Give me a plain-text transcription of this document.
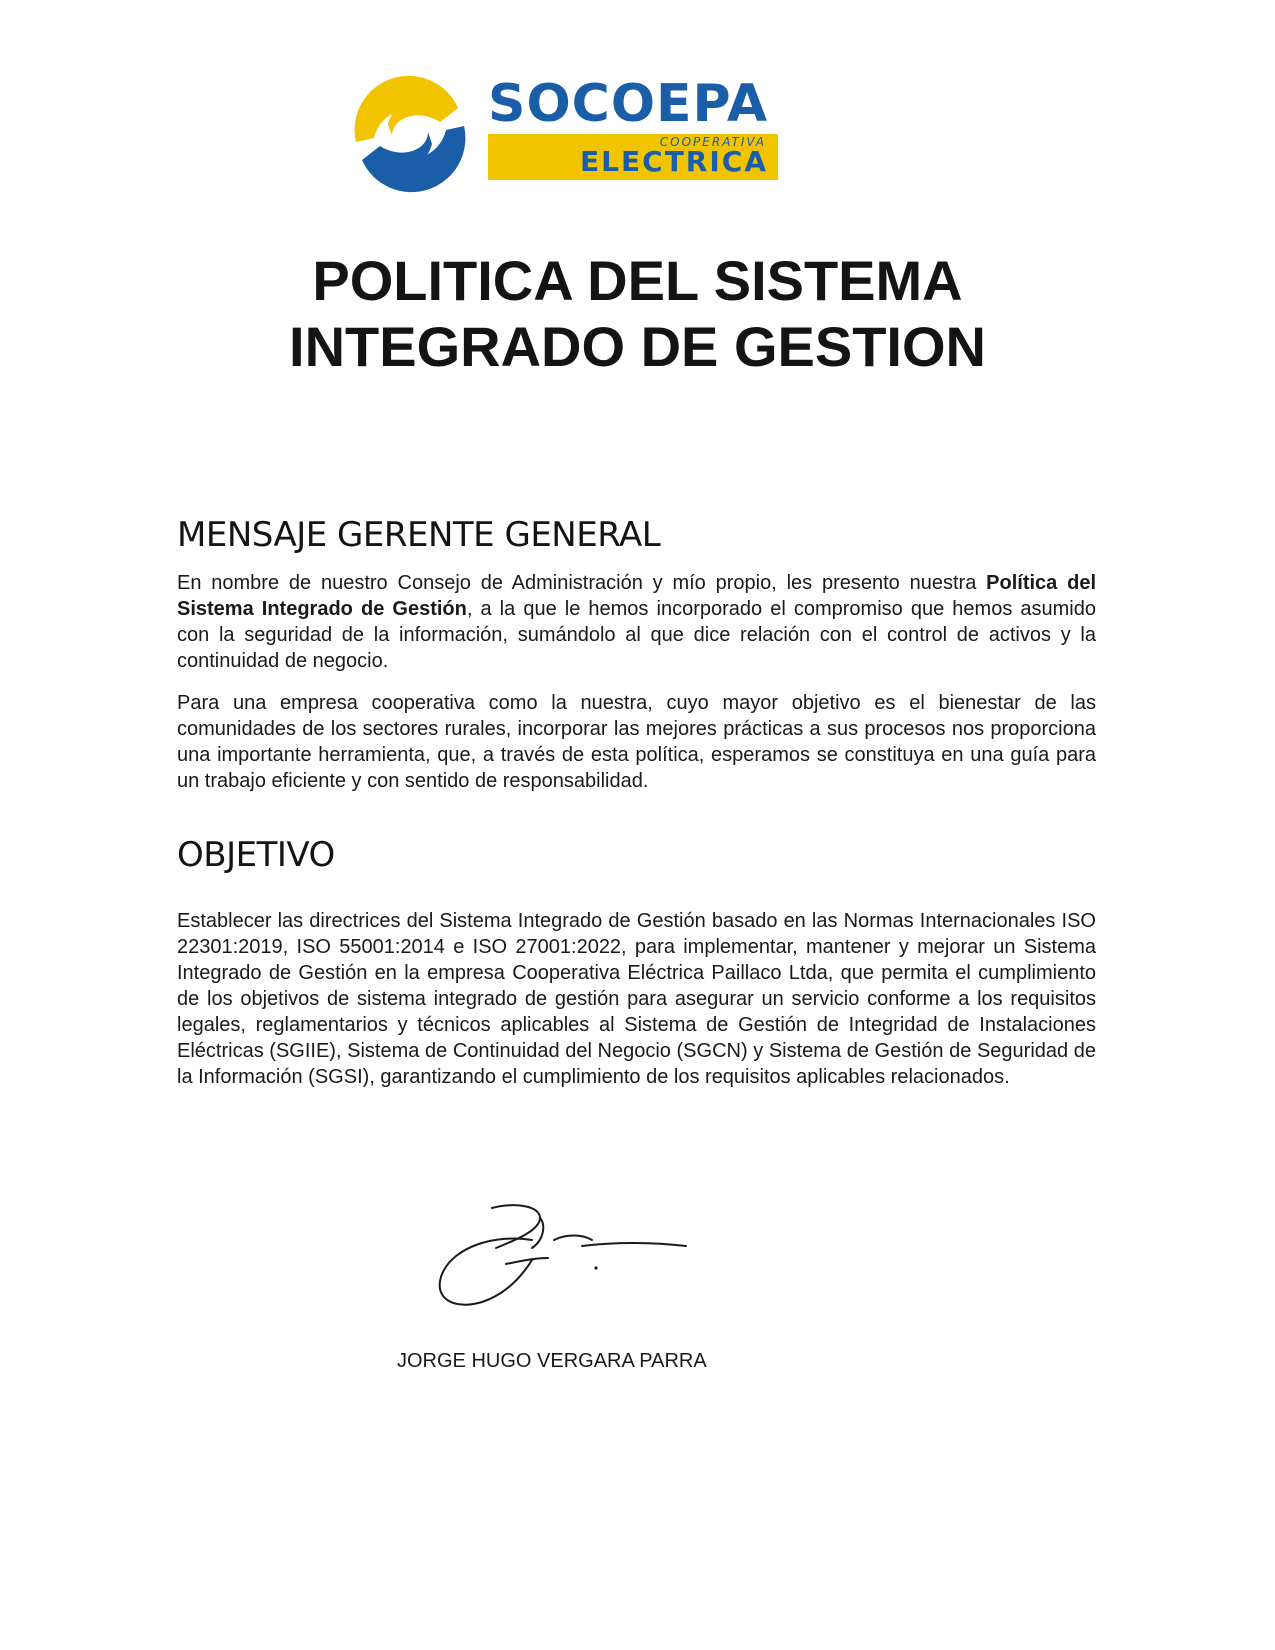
SOCOEPA
COOPERATIVA
ELECTRICA
POLITICA DEL SISTEMA
INTEGRADO DE GESTION
MENSAJE GERENTE GENERAL

En nombre de nuestro Consejo de Administración y mío propio, les presento nuestra Política del Sistema Integrado de Gestión, a la que le hemos incorporado el compromiso que hemos asumido con la seguridad de la información, sumándolo al que dice relación con el control de activos y la continuidad de negocio.

Para una empresa cooperativa como la nuestra, cuyo mayor objetivo es el bienestar de las comunidades de los sectores rurales, incorporar las mejores prácticas a sus procesos nos proporciona una importante herramienta, que, a través de esta política, esperamos se constituya en una guía para un trabajo eficiente y con sentido de responsabilidad.

OBJETIVO

Establecer las directrices del Sistema Integrado de Gestión basado en las Normas Internacionales ISO 22301:2019, ISO 55001:2014 e ISO 27001:2022, para implementar, mantener y mejorar un Sistema Integrado de Gestión en la empresa Cooperativa Eléctrica Paillaco Ltda, que permita el cumplimiento de los objetivos de sistema integrado de gestión para asegurar un servicio conforme a los requisitos legales, reglamentarios y técnicos aplicables al Sistema de Gestión de Integridad de Instalaciones Eléctricas (SGIIE), Sistema de Continuidad del Negocio (SGCN) y Sistema de Gestión de Seguridad de la Información (SGSI), garantizando el cumplimiento de los requisitos aplicables relacionados.

JORGE HUGO VERGARA PARRA
